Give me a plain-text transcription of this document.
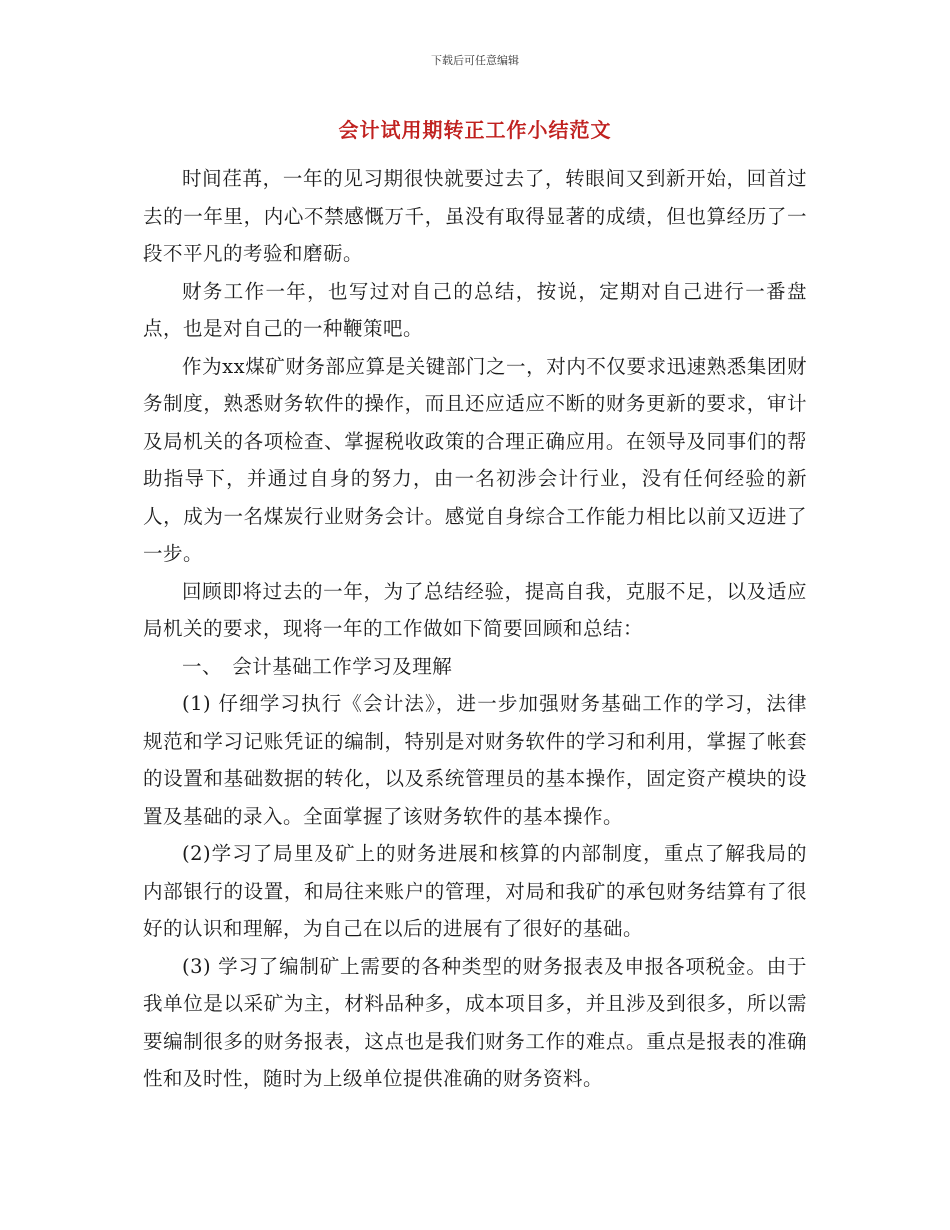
下载后可任意编辑
会计试用期转正工作小结范文

时间荏苒，一年的见习期很快就要过去了，转眼间又到新开始，回首过去的一年里，内心不禁感慨万千，虽没有取得显著的成绩，但也算经历了一段不平凡的考验和磨砺。

财务工作一年，也写过对自己的总结，按说，定期对自己进行一番盘点，也是对自己的一种鞭策吧。

作为xx煤矿财务部应算是关键部门之一，对内不仅要求迅速熟悉集团财务制度，熟悉财务软件的操作，而且还应适应不断的财务更新的要求，审计及局机关的各项检查、掌握税收政策的合理正确应用。在领导及同事们的帮助指导下，并通过自身的努力，由一名初涉会计行业，没有任何经验的新人，成为一名煤炭行业财务会计。感觉自身综合工作能力相比以前又迈进了一步。

回顾即将过去的一年，为了总结经验，提高自我，克服不足，以及适应局机关的要求，现将一年的工作做如下简要回顾和总结：

一、　会计基础工作学习及理解

(1) 仔细学习执行《会计法》，进一步加强财务基础工作的学习，法律规范和学习记账凭证的编制，特别是对财务软件的学习和利用，掌握了帐套的设置和基础数据的转化，以及系统管理员的基本操作，固定资产模块的设置及基础的录入。全面掌握了该财务软件的基本操作。

(2)学习了局里及矿上的财务进展和核算的内部制度，重点了解我局的内部银行的设置，和局往来账户的管理，对局和我矿的承包财务结算有了很好的认识和理解，为自己在以后的进展有了很好的基础。

(3) 学习了编制矿上需要的各种类型的财务报表及申报各项税金。由于我单位是以采矿为主，材料品种多，成本项目多，并且涉及到很多，所以需要编制很多的财务报表，这点也是我们财务工作的难点。重点是报表的准确性和及时性，随时为上级单位提供准确的财务资料。
